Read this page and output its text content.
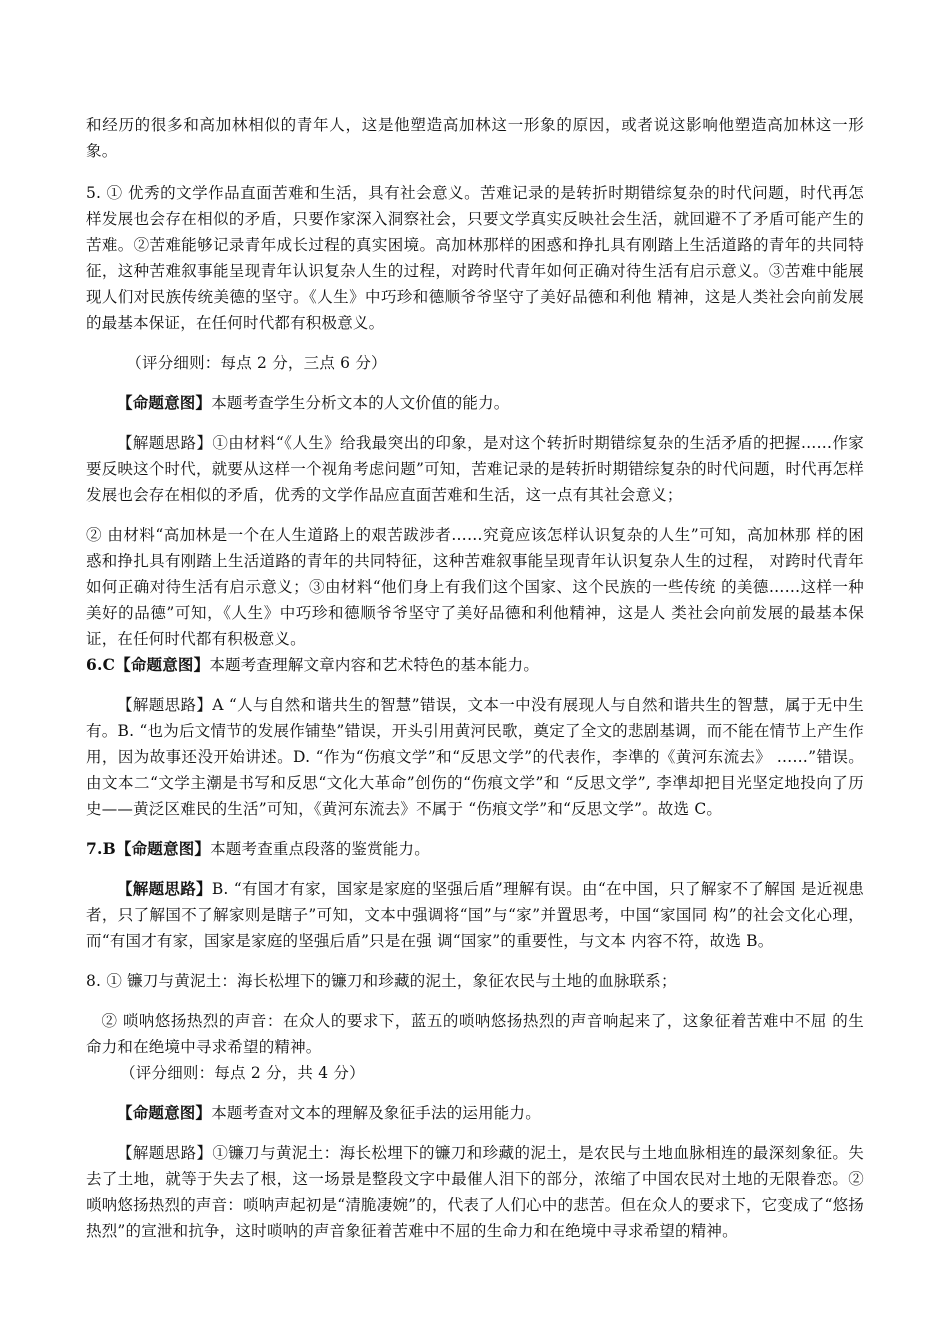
和经历的很多和高加林相似的青年人，这是他塑造高加林这一形象的原因，或者说这影响他塑造高加林这一形象。

5. ① 优秀的文学作品直面苦难和生活，具有社会意义。苦难记录的是转折时期错综复杂的时代问题，时代再怎样发展也会存在相似的矛盾，只要作家深入洞察社会，只要文学真实反映社会生活，就回避不了矛盾可能产生的苦难。②苦难能够记录青年成长过程的真实困境。高加林那样的困惑和挣扎具有刚踏上生活道路的青年的共同特征，这种苦难叙事能呈现青年认识复杂人生的过程，对跨时代青年如何正确对待生活有启示意义。③苦难中能展现人们对民族传统美德的坚守。《人生》中巧珍和德顺爷爷坚守了美好品德和利他 精神，这是人类社会向前发展的最基本保证，在任何时代都有积极意义。

（评分细则：每点 2 分，三点 6 分）

【命题意图】本题考查学生分析文本的人文价值的能力。

【解题思路】①由材料“《人生》给我最突出的印象，是对这个转折时期错综复杂的生活矛盾的把握……作家要反映这个时代，就要从这样一个视角考虑问题”可知，苦难记录的是转折时期错综复杂的时代问题，时代再怎样发展也会存在相似的矛盾，优秀的文学作品应直面苦难和生活，这一点有其社会意义；

② 由材料“高加林是一个在人生道路上的艰苦跋涉者……究竟应该怎样认识复杂的人生”可知，高加林那 样的困惑和挣扎具有刚踏上生活道路的青年的共同特征，这种苦难叙事能呈现青年认识复杂人生的过程， 对跨时代青年如何正确对待生活有启示意义；③由材料“他们身上有我们这个国家、这个民族的一些传统 的美德……这样一种美好的品德”可知，《人生》中巧珍和德顺爷爷坚守了美好品德和利他精神，这是人 类社会向前发展的最基本保证，在任何时代都有积极意义。

6.C【命题意图】本题考查理解文章内容和艺术特色的基本能力。

【解题思路】A “人与自然和谐共生的智慧”错误，文本一中没有展现人与自然和谐共生的智慧，属于无中生有。B. “也为后文情节的发展作铺垫”错误，开头引用黄河民歌，奠定了全文的悲剧基调，而不能在情节上产生作用，因为故事还没开始讲述。D. “作为“伤痕文学”和“反思文学”的代表作，李凖的《黄河东流去》 ……”错误。由文本二“文学主潮是书写和反思“文化大革命”创伤的“伤痕文学”和 “反思文学”, 李凖却把目光坚定地投向了历史——黄泛区难民的生活”可知，《黄河东流去》不属于 “伤痕文学”和“反思文学”。故选 C。

7.B【命题意图】本题考查重点段落的鉴赏能力。

【解题思路】B. “有国才有家，国家是家庭的坚强后盾”理解有误。由“在中国，只了解家不了解国 是近视患者，只了解国不了解家则是瞎子”可知，文本中强调将“国”与“家”并置思考，中国“家国同 构”的社会文化心理，而“有国才有家，国家是家庭的坚强后盾”只是在强 调“国家”的重要性，与文本 内容不符，故选 B。

8. ① 镰刀与黄泥土：海长松埋下的镰刀和珍藏的泥土，象征农民与土地的血脉联系；

② 唢呐悠扬热烈的声音：在众人的要求下，蓝五的唢呐悠扬热烈的声音响起来了，这象征着苦难中不屈 的生命力和在绝境中寻求希望的精神。

（评分细则：每点 2 分，共 4 分）

【命题意图】本题考查对文本的理解及象征手法的运用能力。

【解题思路】①镰刀与黄泥土：海长松埋下的镰刀和珍藏的泥土，是农民与土地血脉相连的最深刻象征。失去了土地，就等于失去了根，这一场景是整段文字中最催人泪下的部分，浓缩了中国农民对土地的无限眷恋。②唢呐悠扬热烈的声音：唢呐声起初是“清脆凄婉”的，代表了人们心中的悲苦。但在众人的要求下，它变成了“悠扬热烈”的宣泄和抗争，这时唢呐的声音象征着苦难中不屈的生命力和在绝境中寻求希望的精神。
